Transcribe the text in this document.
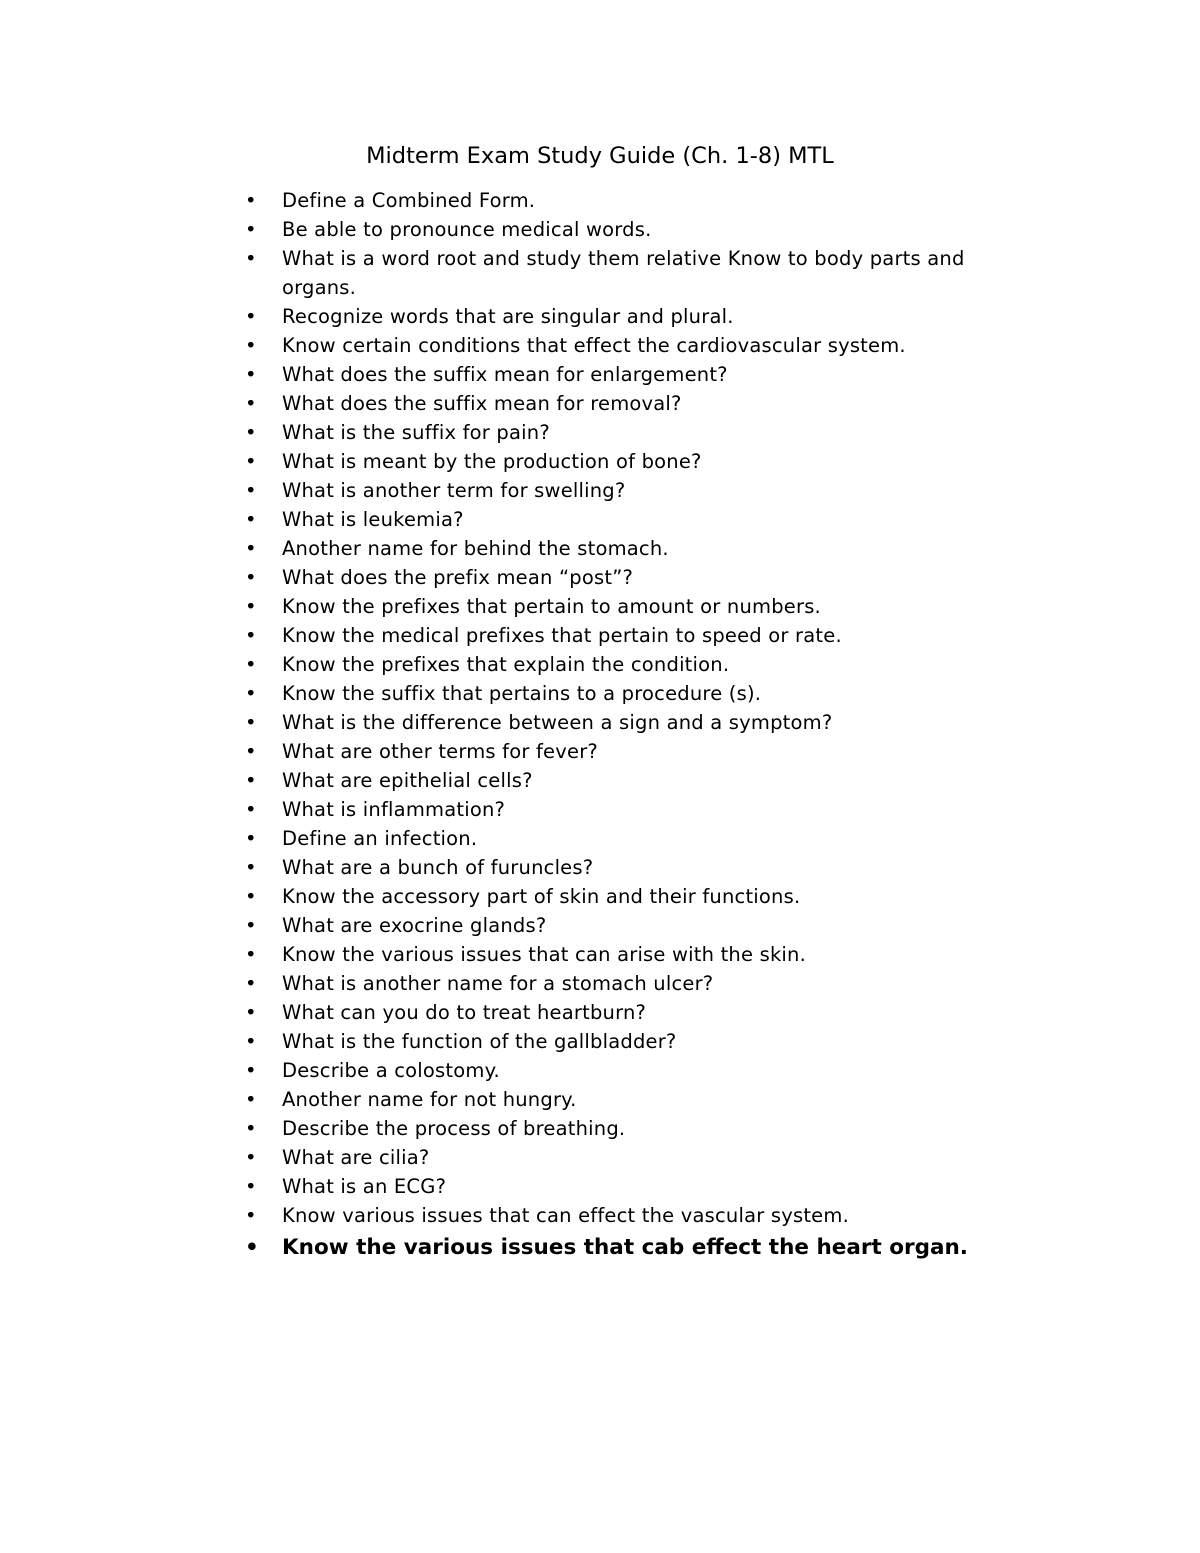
Midterm Exam Study Guide (Ch. 1-8) MTL
• Define a Combined Form.
• Be able to pronounce medical words.
• What is a word root and study them relative Know to body parts and organs.
• Recognize words that are singular and plural.
• Know certain conditions that effect the cardiovascular system.
• What does the suffix mean for enlargement?
• What does the suffix mean for removal?
• What is the suffix for pain?
• What is meant by the production of bone?
• What is another term for swelling?
• What is leukemia?
• Another name for behind the stomach.
• What does the prefix mean “post”?
• Know the prefixes that pertain to amount or numbers.
• Know the medical prefixes that pertain to speed or rate.
• Know the prefixes that explain the condition.
• Know the suffix that pertains to a procedure (s).
• What is the difference between a sign and a symptom?
• What are other terms for fever?
• What are epithelial cells?
• What is inflammation?
• Define an infection.
• What are a bunch of furuncles?
• Know the accessory part of skin and their functions.
• What are exocrine glands?
• Know the various issues that can arise with the skin.
• What is another name for a stomach ulcer?
• What can you do to treat heartburn?
• What is the function of the gallbladder?
• Describe a colostomy.
• Another name for not hungry.
• Describe the process of breathing.
• What are cilia?
• What is an ECG?
• Know various issues that can effect the vascular system.
• Know the various issues that cab effect the heart organ.
